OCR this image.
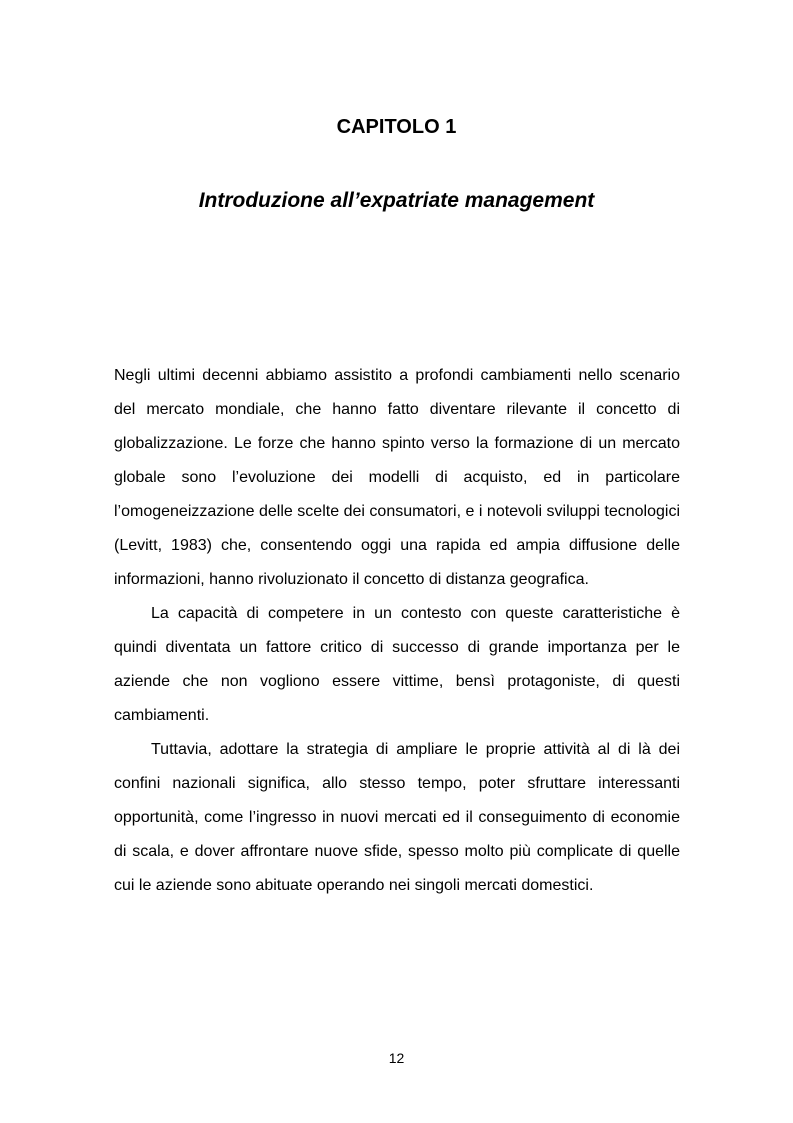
CAPITOLO 1
Introduzione all’expatriate management

Negli ultimi decenni abbiamo assistito a profondi cambiamenti nello scenario del mercato mondiale, che hanno fatto diventare rilevante il concetto di globalizzazione. Le forze che hanno spinto verso la formazione di un mercato globale sono l’evoluzione dei modelli di acquisto, ed in particolare l’omogeneizzazione delle scelte dei consumatori, e i notevoli sviluppi tecnologici (Levitt, 1983) che, consentendo oggi una rapida ed ampia diffusione delle informazioni, hanno rivoluzionato il concetto di distanza geografica.

La capacità di competere in un contesto con queste caratteristiche è quindi diventata un fattore critico di successo di grande importanza per le aziende che non vogliono essere vittime, bensì protagoniste, di questi cambiamenti.

Tuttavia, adottare la strategia di ampliare le proprie attività al di là dei confini nazionali significa, allo stesso tempo, poter sfruttare interessanti opportunità, come l’ingresso in nuovi mercati ed il conseguimento di economie di scala, e dover affrontare nuove sfide, spesso molto più complicate di quelle cui le aziende sono abituate operando nei singoli mercati domestici.

12
